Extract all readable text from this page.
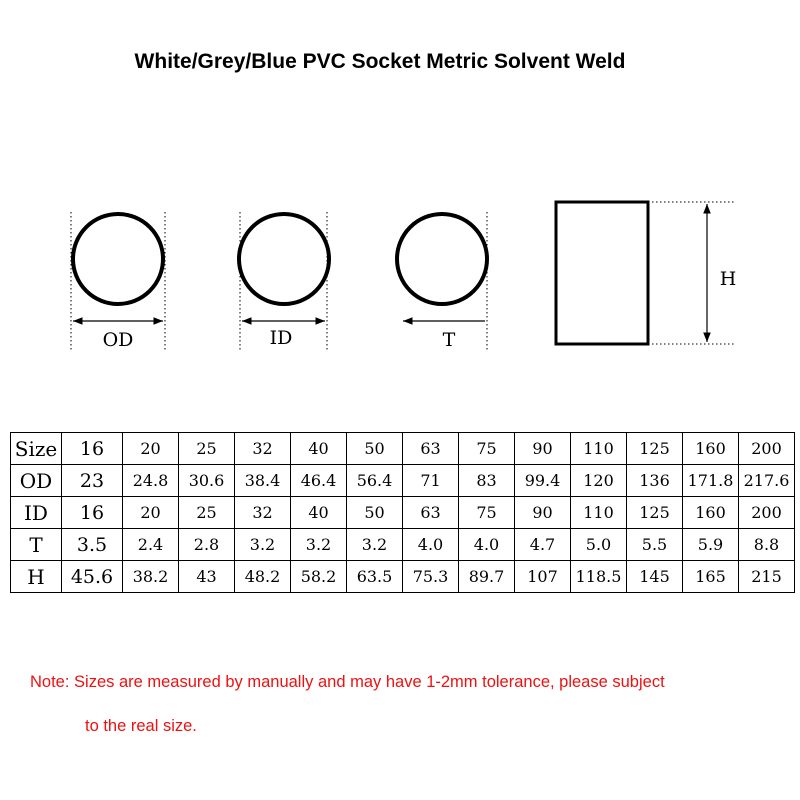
White/Grey/Blue PVC Socket Metric Solvent Weld
OD	ID	T
H
Size	16	20	25	32	40	50	63	75	90	110	125	160	200
OD	23	24.8	30.6	38.4	46.4	56.4	71	83	99.4	120	136	171.8	217.6
ID	16	20	25	32	40	50	63	75	90	110	125	160	200
T	3.5	2.4	2.8	3.2	3.2	3.2	4.0	4.0	4.7	5.0	5.5	5.9	8.8
H	45.6	38.2	43	48.2	58.2	63.5	75.3	89.7	107	118.5	145	165	215
Note: Sizes are measured by manually and may have 1-2mm tolerance, please subject
to the real size.
